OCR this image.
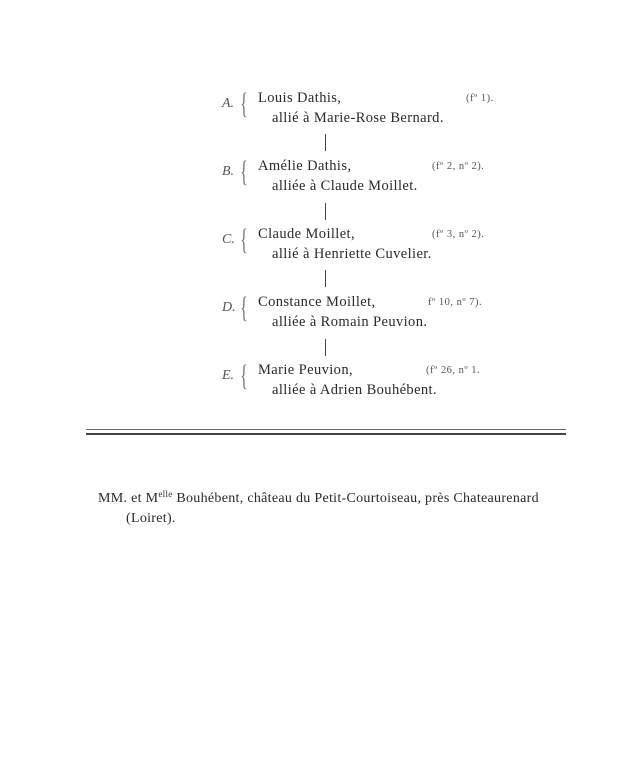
A. { Louis Dathis,	(fº 1).
allié à Marie-Rose Bernard.
B. { Amélie Dathis,	(fº 2, nº 2).
alliée à Claude Moillet.
C. { Claude Moillet,	(fº 3, nº 2).
allié à Henriette Cuvelier.
D. { Constance Moillet,	fº 10, nº 7).
alliée à Romain Peuvion.
E. { Marie Peuvion,	(fº 26, nº 1.
alliée à Adrien Bouhébent.
MM. et $M^{elle}$ Bouhébent, château du Petit-Courtoiseau, près Chateaurenard
(Loiret).
